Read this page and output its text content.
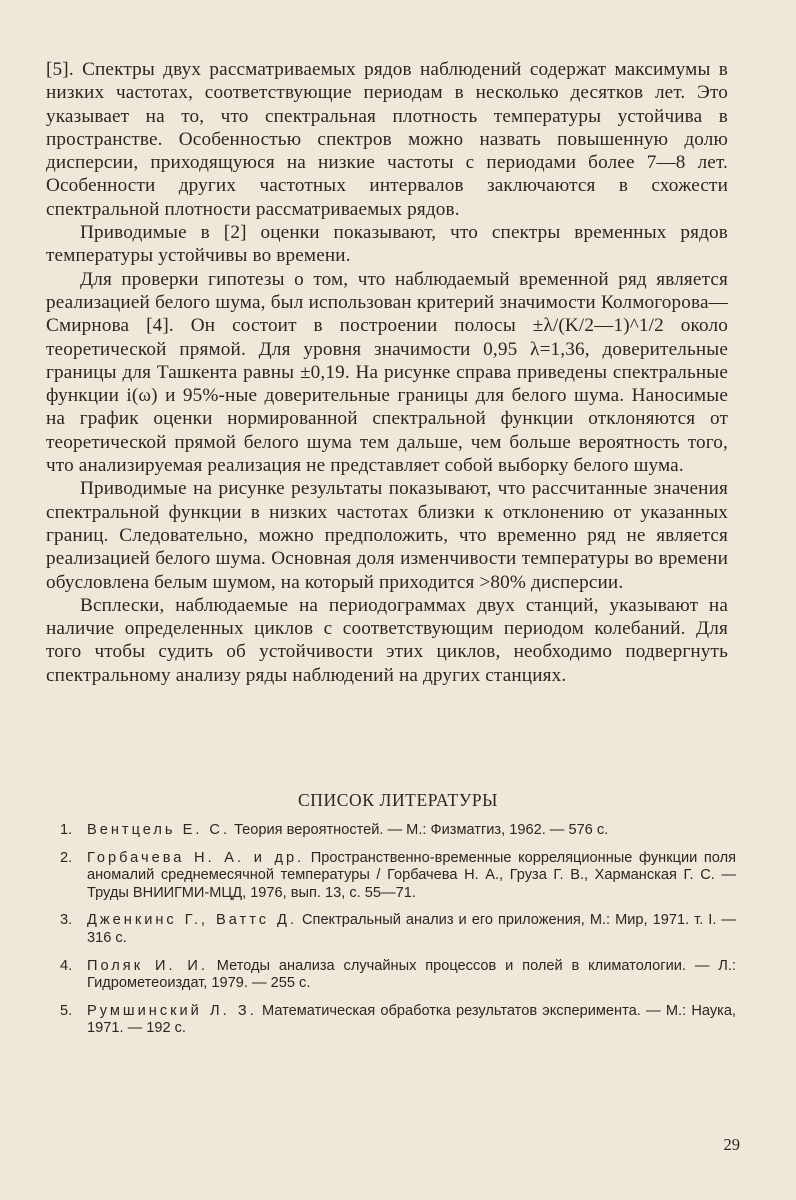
[5]. Спектры двух рассматриваемых рядов наблюдений содержат максимумы в низких частотах, соответствующие периодам в несколько десятков лет. Это указывает на то, что спектральная плотность температуры устойчива в пространстве. Особенностью спектров можно назвать повышенную долю дисперсии, приходящуюся на низкие частоты с периодами более 7—8 лет. Особенности других частотных интервалов заключаются в схожести спектральной плотности рассматриваемых рядов.

Приводимые в [2] оценки показывают, что спектры временных рядов температуры устойчивы во времени.

Для проверки гипотезы о том, что наблюдаемый временной ряд является реализацией белого шума, был использован критерий значимости Колмогорова—Смирнова [4]. Он состоит в построении полосы ±λ/(K/2—1)^1/2 около теоретической прямой. Для уровня значимости 0,95 λ=1,36, доверительные границы для Ташкента равны ±0,19. На рисунке справа приведены спектральные функции i(ω) и 95%-ные доверительные границы для белого шума. Наносимые на график оценки нормированной спектральной функции отклоняются от теоретической прямой белого шума тем дальше, чем больше вероятность того, что анализируемая реализация не представляет собой выборку белого шума.

Приводимые на рисунке результаты показывают, что рассчитанные значения спектральной функции в низких частотах близки к отклонению от указанных границ. Следовательно, можно предположить, что временно ряд не является реализацией белого шума. Основная доля изменчивости температуры во времени обусловлена белым шумом, на который приходится >80% дисперсии.

Всплески, наблюдаемые на периодограммах двух станций, указывают на наличие определенных циклов с соответствующим периодом колебаний. Для того чтобы судить об устойчивости этих циклов, необходимо подвергнуть спектральному анализу ряды наблюдений на других станциях.

СПИСОК ЛИТЕРАТУРЫ
1. Вентцель Е. С. Теория вероятностей. — М.: Физматгиз, 1962. — 576 с.
2. Горбачева Н. А. и др. Пространственно-временные корреляционные функции поля аномалий среднемесячной температуры / Горбачева Н. А., Груза Г. В., Харманская Г. С. — Труды ВНИИГМИ-МЦД, 1976, вып. 13, с. 55—71.
3. Дженкинс Г., Ваттс Д. Спектральный анализ и его приложения, М.: Мир, 1971. т. I. — 316 с.
4. Поляк И. И. Методы анализа случайных процессов и полей в климатологии. — Л.: Гидрометеоиздат, 1979. — 255 с.
5. Румшинский Л. З. Математическая обработка результатов эксперимента. — М.: Наука, 1971. — 192 с.
29
